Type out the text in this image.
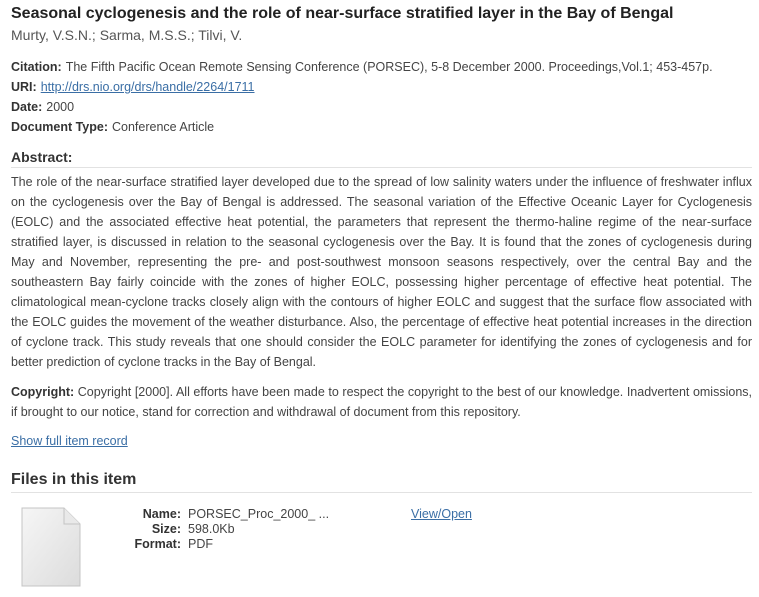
Seasonal cyclogenesis and the role of near-surface stratified layer in the Bay of Bengal
Murty, V.S.N.; Sarma, M.S.S.; Tilvi, V.
Citation: The Fifth Pacific Ocean Remote Sensing Conference (PORSEC), 5-8 December 2000. Proceedings,Vol.1; 453-457p.
URI: http://drs.nio.org/drs/handle/2264/1711
Date: 2000
Document Type: Conference Article
Abstract:

The role of the near-surface stratified layer developed due to the spread of low salinity waters under the influence of freshwater influx on the cyclogenesis over the Bay of Bengal is addressed. The seasonal variation of the Effective Oceanic Layer for Cyclogenesis (EOLC) and the associated effective heat potential, the parameters that represent the thermo-haline regime of the near-surface stratified layer, is discussed in relation to the seasonal cyclogenesis over the Bay. It is found that the zones of cyclogenesis during May and November, representing the pre- and post-southwest monsoon seasons respectively, over the central Bay and the southeastern Bay fairly coincide with the zones of higher EOLC, possessing higher percentage of effective heat potential. The climatological mean-cyclone tracks closely align with the contours of higher EOLC and suggest that the surface flow associated with the EOLC guides the movement of the weather disturbance. Also, the percentage of effective heat potential increases in the direction of cyclone track. This study reveals that one should consider the EOLC parameter for identifying the zones of cyclogenesis and for better prediction of cyclone tracks in the Bay of Bengal.

Copyright: Copyright [2000]. All efforts have been made to respect the copyright to the best of our knowledge. Inadvertent omissions, if brought to our notice, stand for correction and withdrawal of document from this repository.

Show full item record
Files in this item
Name: PORSEC_Proc_2000_ ...
Size: 598.0Kb
Format: PDF
View/Open
